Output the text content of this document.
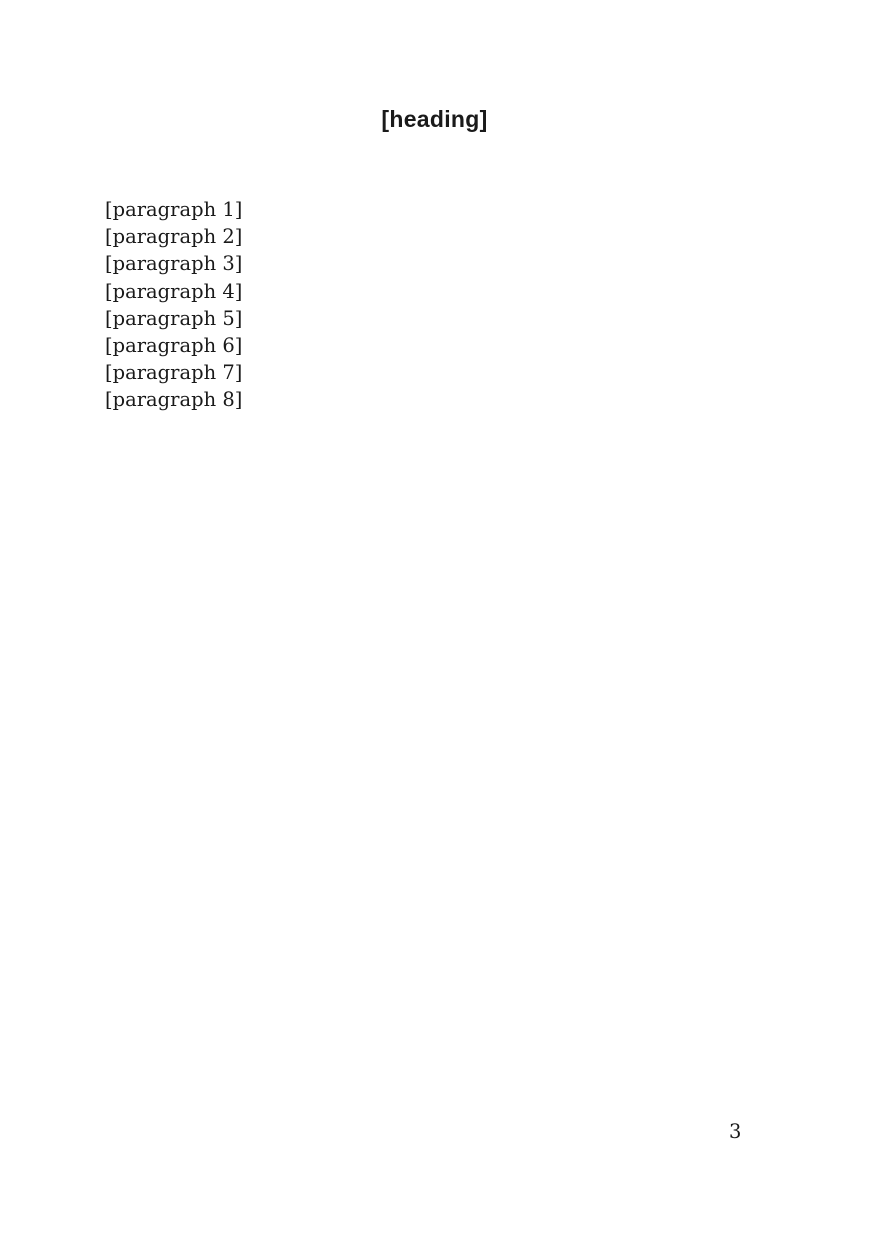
[heading]

[paragraph 1]

[paragraph 2]

[paragraph 3]

[paragraph 4]

[paragraph 5]

[paragraph 6]

[paragraph 7]

[paragraph 8]

3
